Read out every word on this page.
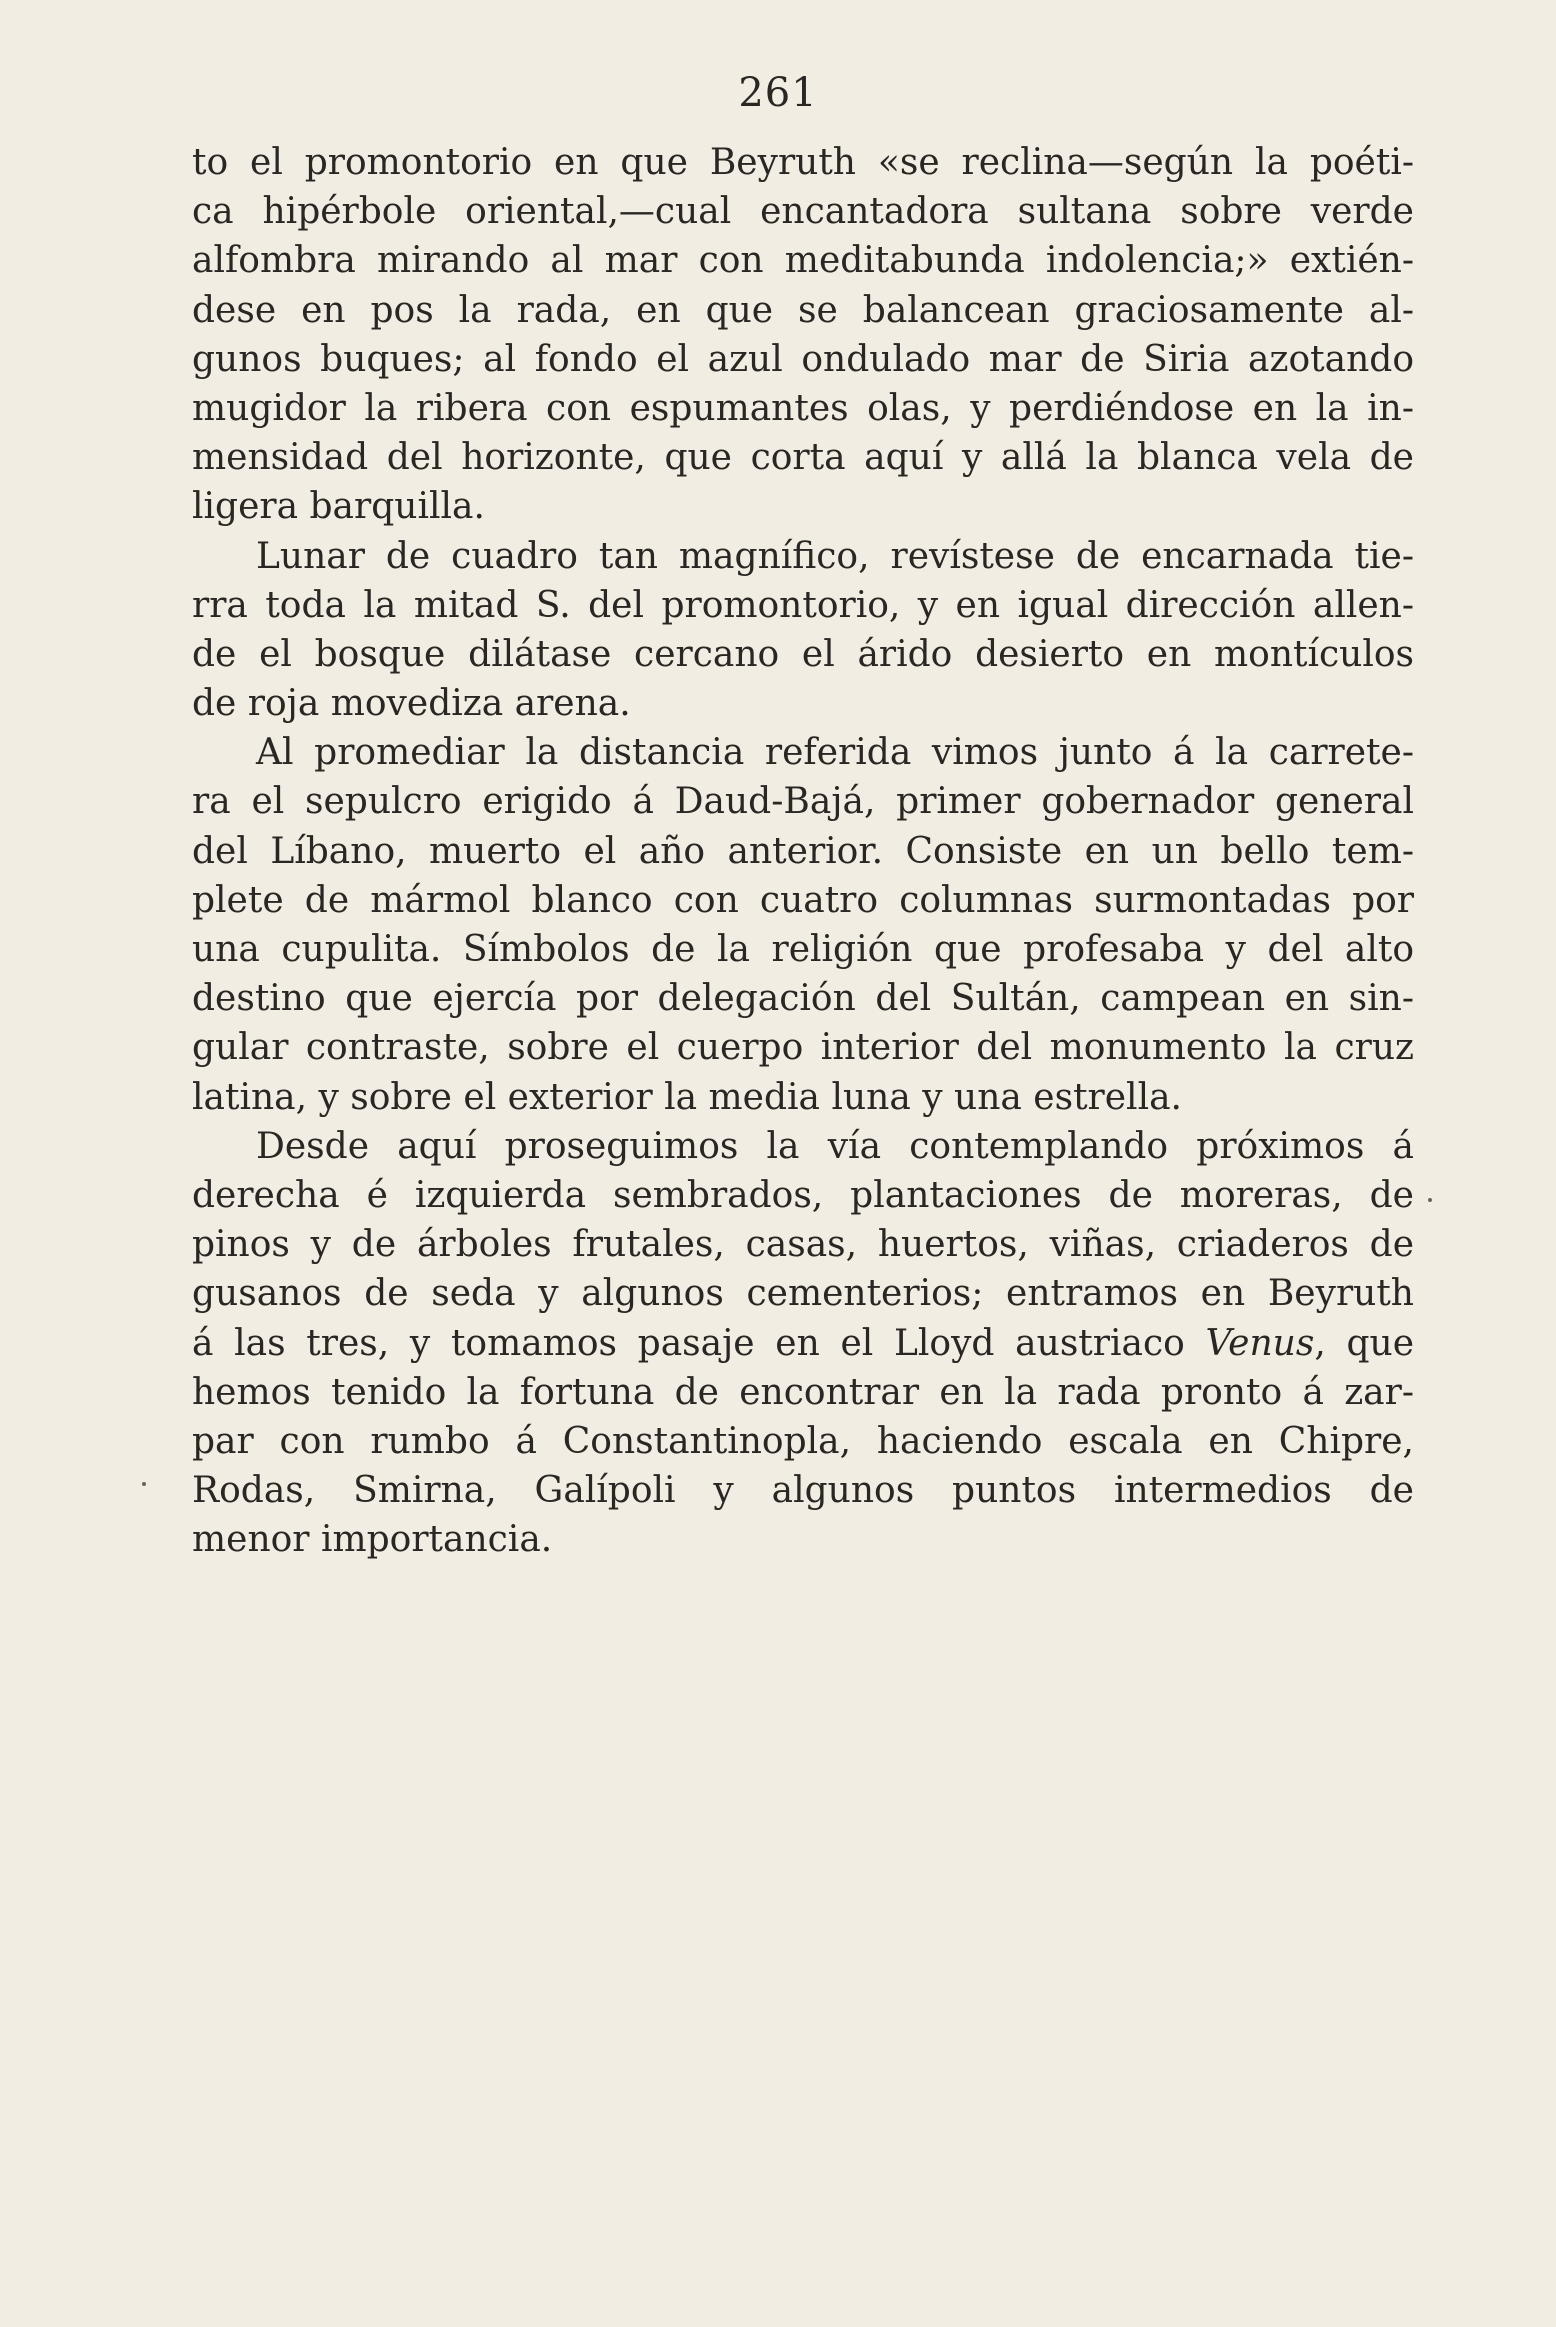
261
to el promontorio en que Beyruth «se reclina—según la poéti-
ca hipérbole oriental,—cual encantadora sultana sobre verde
alfombra mirando al mar con meditabunda indolencia;» extién-
dese en pos la rada, en que se balancean graciosamente al-
gunos buques; al fondo el azul ondulado mar de Siria azotando
mugidor la ribera con espumantes olas, y perdiéndose en la in-
mensidad del horizonte, que corta aquí y allá la blanca vela de
ligera barquilla.
Lunar de cuadro tan magnífico, revístese de encarnada tie-
rra toda la mitad S. del promontorio, y en igual dirección allen-
de el bosque dilátase cercano el árido desierto en montículos
de roja movediza arena.
Al promediar la distancia referida vimos junto á la carrete-
ra el sepulcro erigido á Daud-Bajá, primer gobernador general
del Líbano, muerto el año anterior. Consiste en un bello tem-
plete de mármol blanco con cuatro columnas surmontadas por
una cupulita. Símbolos de la religión que profesaba y del alto
destino que ejercía por delegación del Sultán, campean en sin-
gular contraste, sobre el cuerpo interior del monumento la cruz
latina, y sobre el exterior la media luna y una estrella.
Desde aquí proseguimos la vía contemplando próximos á
derecha é izquierda sembrados, plantaciones de moreras, de
pinos y de árboles frutales, casas, huertos, viñas, criaderos de
gusanos de seda y algunos cementerios; entramos en Beyruth
á las tres, y tomamos pasaje en el Lloyd austriaco Venus, que
hemos tenido la fortuna de encontrar en la rada pronto á zar-
par con rumbo á Constantinopla, haciendo escala en Chipre,
Rodas, Smirna, Galípoli y algunos puntos intermedios de
menor importancia.
